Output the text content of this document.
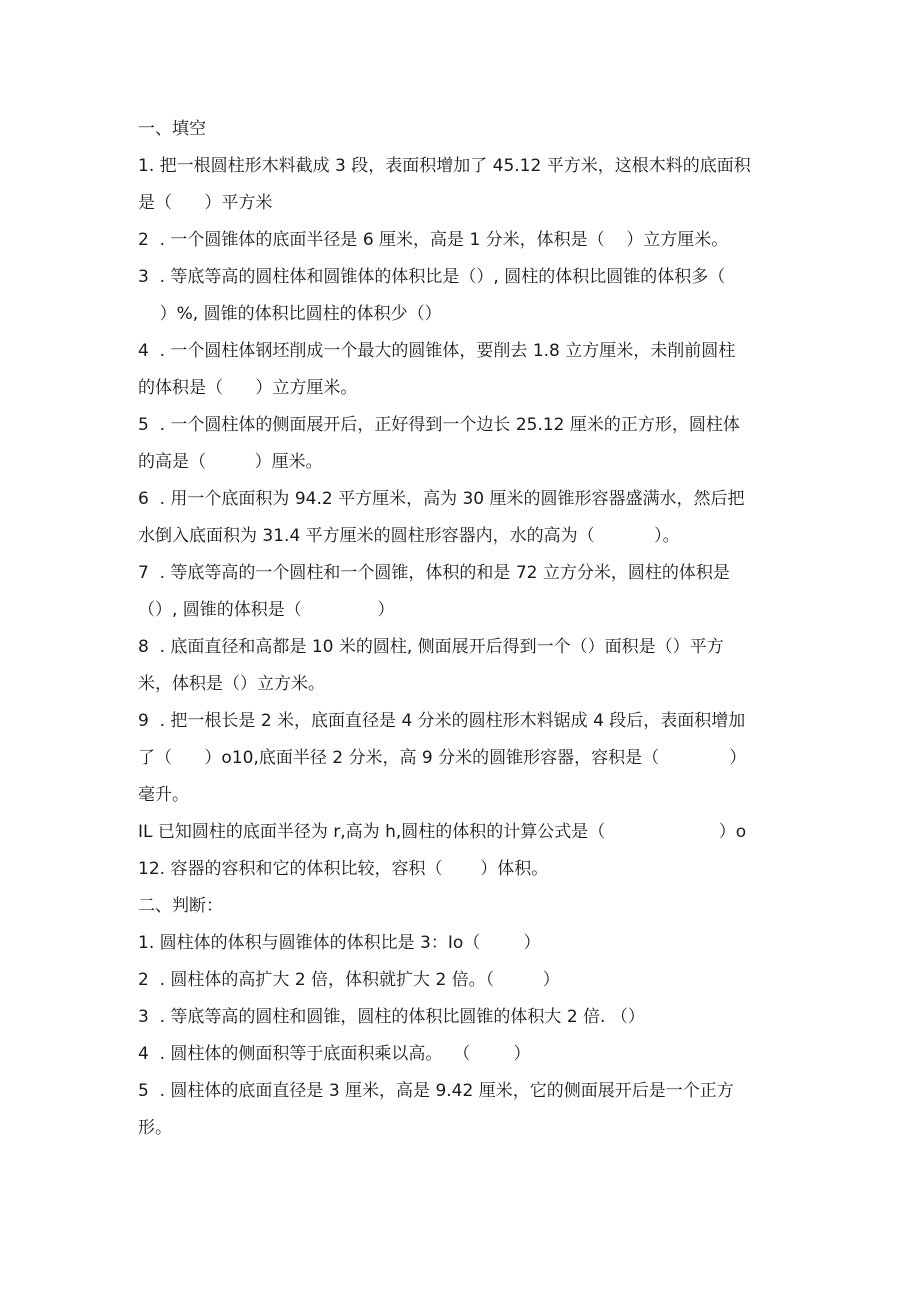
一、填空
1. 把一根圆柱形木料截成 3 段，表面积增加了 45.12 平方米，这根木料的底面积
是（      ）平方米
2  . 一个圆锥体的底面半径是 6 厘米，高是 1 分米，体积是（    ）立方厘米。
3  . 等底等高的圆柱体和圆锥体的体积比是（）, 圆柱的体积比圆锥的体积多（
）%, 圆锥的体积比圆柱的体积少（）
4  . 一个圆柱体钢坯削成一个最大的圆锥体，要削去 1.8 立方厘米，未削前圆柱
的体积是（      ）立方厘米。
5  . 一个圆柱体的侧面展开后，正好得到一个边长 25.12 厘米的正方形，圆柱体
的高是（         ）厘米。
6  . 用一个底面积为 94.2 平方厘米，高为 30 厘米的圆锥形容器盛满水，然后把
水倒入底面积为 31.4 平方厘米的圆柱形容器内，水的高为（           ）。
7  . 等底等高的一个圆柱和一个圆锥，体积的和是 72 立方分米，圆柱的体积是
（）, 圆锥的体积是（              ）
8  . 底面直径和高都是 10 米的圆柱, 侧面展开后得到一个（）面积是（）平方
米，体积是（）立方米。
9  . 把一根长是 2 米，底面直径是 4 分米的圆柱形木料锯成 4 段后，表面积增加
了（      ）o10,底面半径 2 分米，高 9 分米的圆锥形容器，容积是（             ）
毫升。
IL 已知圆柱的底面半径为 r,高为 h,圆柱的体积的计算公式是（                     ）o
12. 容器的容积和它的体积比较，容积（       ）体积。
二、判断：
1. 圆柱体的体积与圆锥体的体积比是 3：Io（        ）
2  . 圆柱体的高扩大 2 倍，体积就扩大 2 倍。（         ）
3  . 等底等高的圆柱和圆锥，圆柱的体积比圆锥的体积大 2 倍. （）
4  . 圆柱体的侧面积等于底面积乘以高。  （        ）
5  . 圆柱体的底面直径是 3 厘米，高是 9.42 厘米，它的侧面展开后是一个正方
形。
